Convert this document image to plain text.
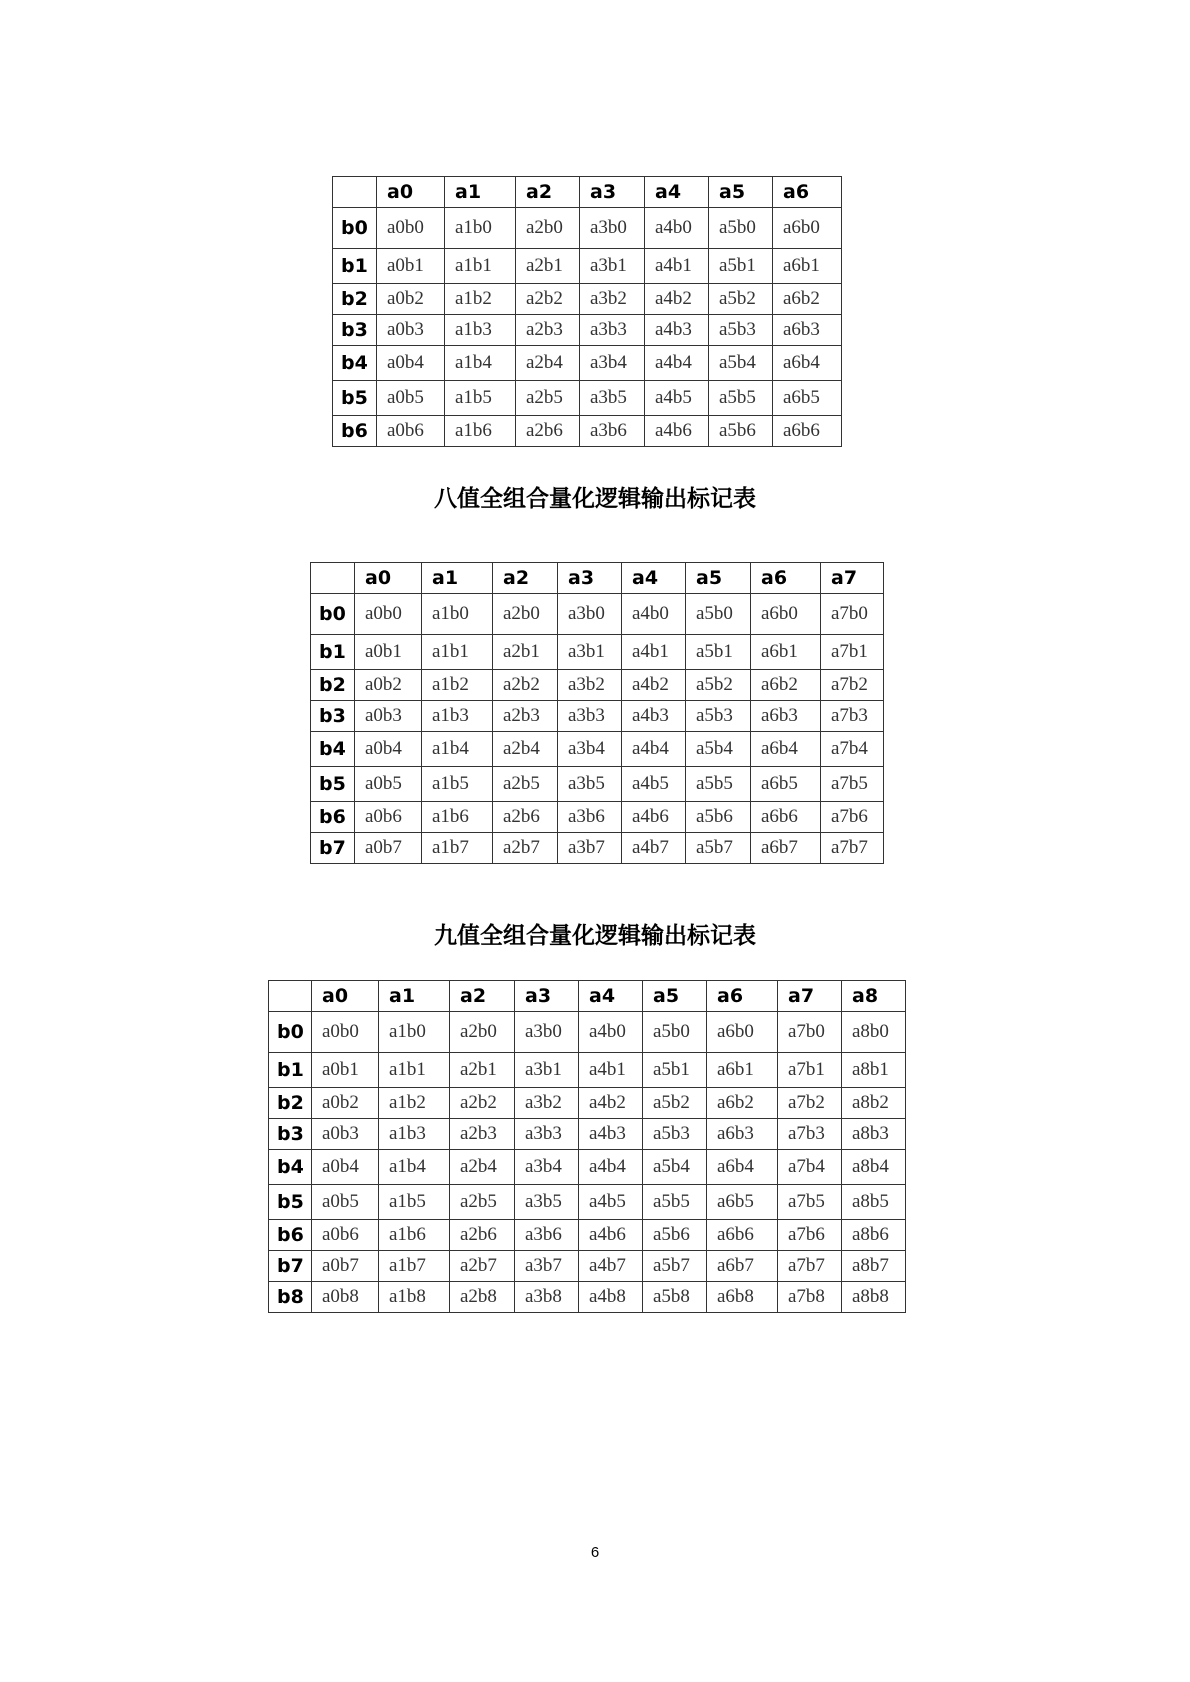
	a0	a1	a2	a3	a4	a5	a6
b0	a0b0	a1b0	a2b0	a3b0	a4b0	a5b0	a6b0
b1	a0b1	a1b1	a2b1	a3b1	a4b1	a5b1	a6b1
b2	a0b2	a1b2	a2b2	a3b2	a4b2	a5b2	a6b2
b3	a0b3	a1b3	a2b3	a3b3	a4b3	a5b3	a6b3
b4	a0b4	a1b4	a2b4	a3b4	a4b4	a5b4	a6b4
b5	a0b5	a1b5	a2b5	a3b5	a4b5	a5b5	a6b5
b6	a0b6	a1b6	a2b6	a3b6	a4b6	a5b6	a6b6
八值全组合量化逻辑输出标记表
	a0	a1	a2	a3	a4	a5	a6	a7
b0	a0b0	a1b0	a2b0	a3b0	a4b0	a5b0	a6b0	a7b0
b1	a0b1	a1b1	a2b1	a3b1	a4b1	a5b1	a6b1	a7b1
b2	a0b2	a1b2	a2b2	a3b2	a4b2	a5b2	a6b2	a7b2
b3	a0b3	a1b3	a2b3	a3b3	a4b3	a5b3	a6b3	a7b3
b4	a0b4	a1b4	a2b4	a3b4	a4b4	a5b4	a6b4	a7b4
b5	a0b5	a1b5	a2b5	a3b5	a4b5	a5b5	a6b5	a7b5
b6	a0b6	a1b6	a2b6	a3b6	a4b6	a5b6	a6b6	a7b6
b7	a0b7	a1b7	a2b7	a3b7	a4b7	a5b7	a6b7	a7b7
九值全组合量化逻辑输出标记表
	a0	a1	a2	a3	a4	a5	a6	a7	a8
b0	a0b0	a1b0	a2b0	a3b0	a4b0	a5b0	a6b0	a7b0	a8b0
b1	a0b1	a1b1	a2b1	a3b1	a4b1	a5b1	a6b1	a7b1	a8b1
b2	a0b2	a1b2	a2b2	a3b2	a4b2	a5b2	a6b2	a7b2	a8b2
b3	a0b3	a1b3	a2b3	a3b3	a4b3	a5b3	a6b3	a7b3	a8b3
b4	a0b4	a1b4	a2b4	a3b4	a4b4	a5b4	a6b4	a7b4	a8b4
b5	a0b5	a1b5	a2b5	a3b5	a4b5	a5b5	a6b5	a7b5	a8b5
b6	a0b6	a1b6	a2b6	a3b6	a4b6	a5b6	a6b6	a7b6	a8b6
b7	a0b7	a1b7	a2b7	a3b7	a4b7	a5b7	a6b7	a7b7	a8b7
b8	a0b8	a1b8	a2b8	a3b8	a4b8	a5b8	a6b8	a7b8	a8b8
6
